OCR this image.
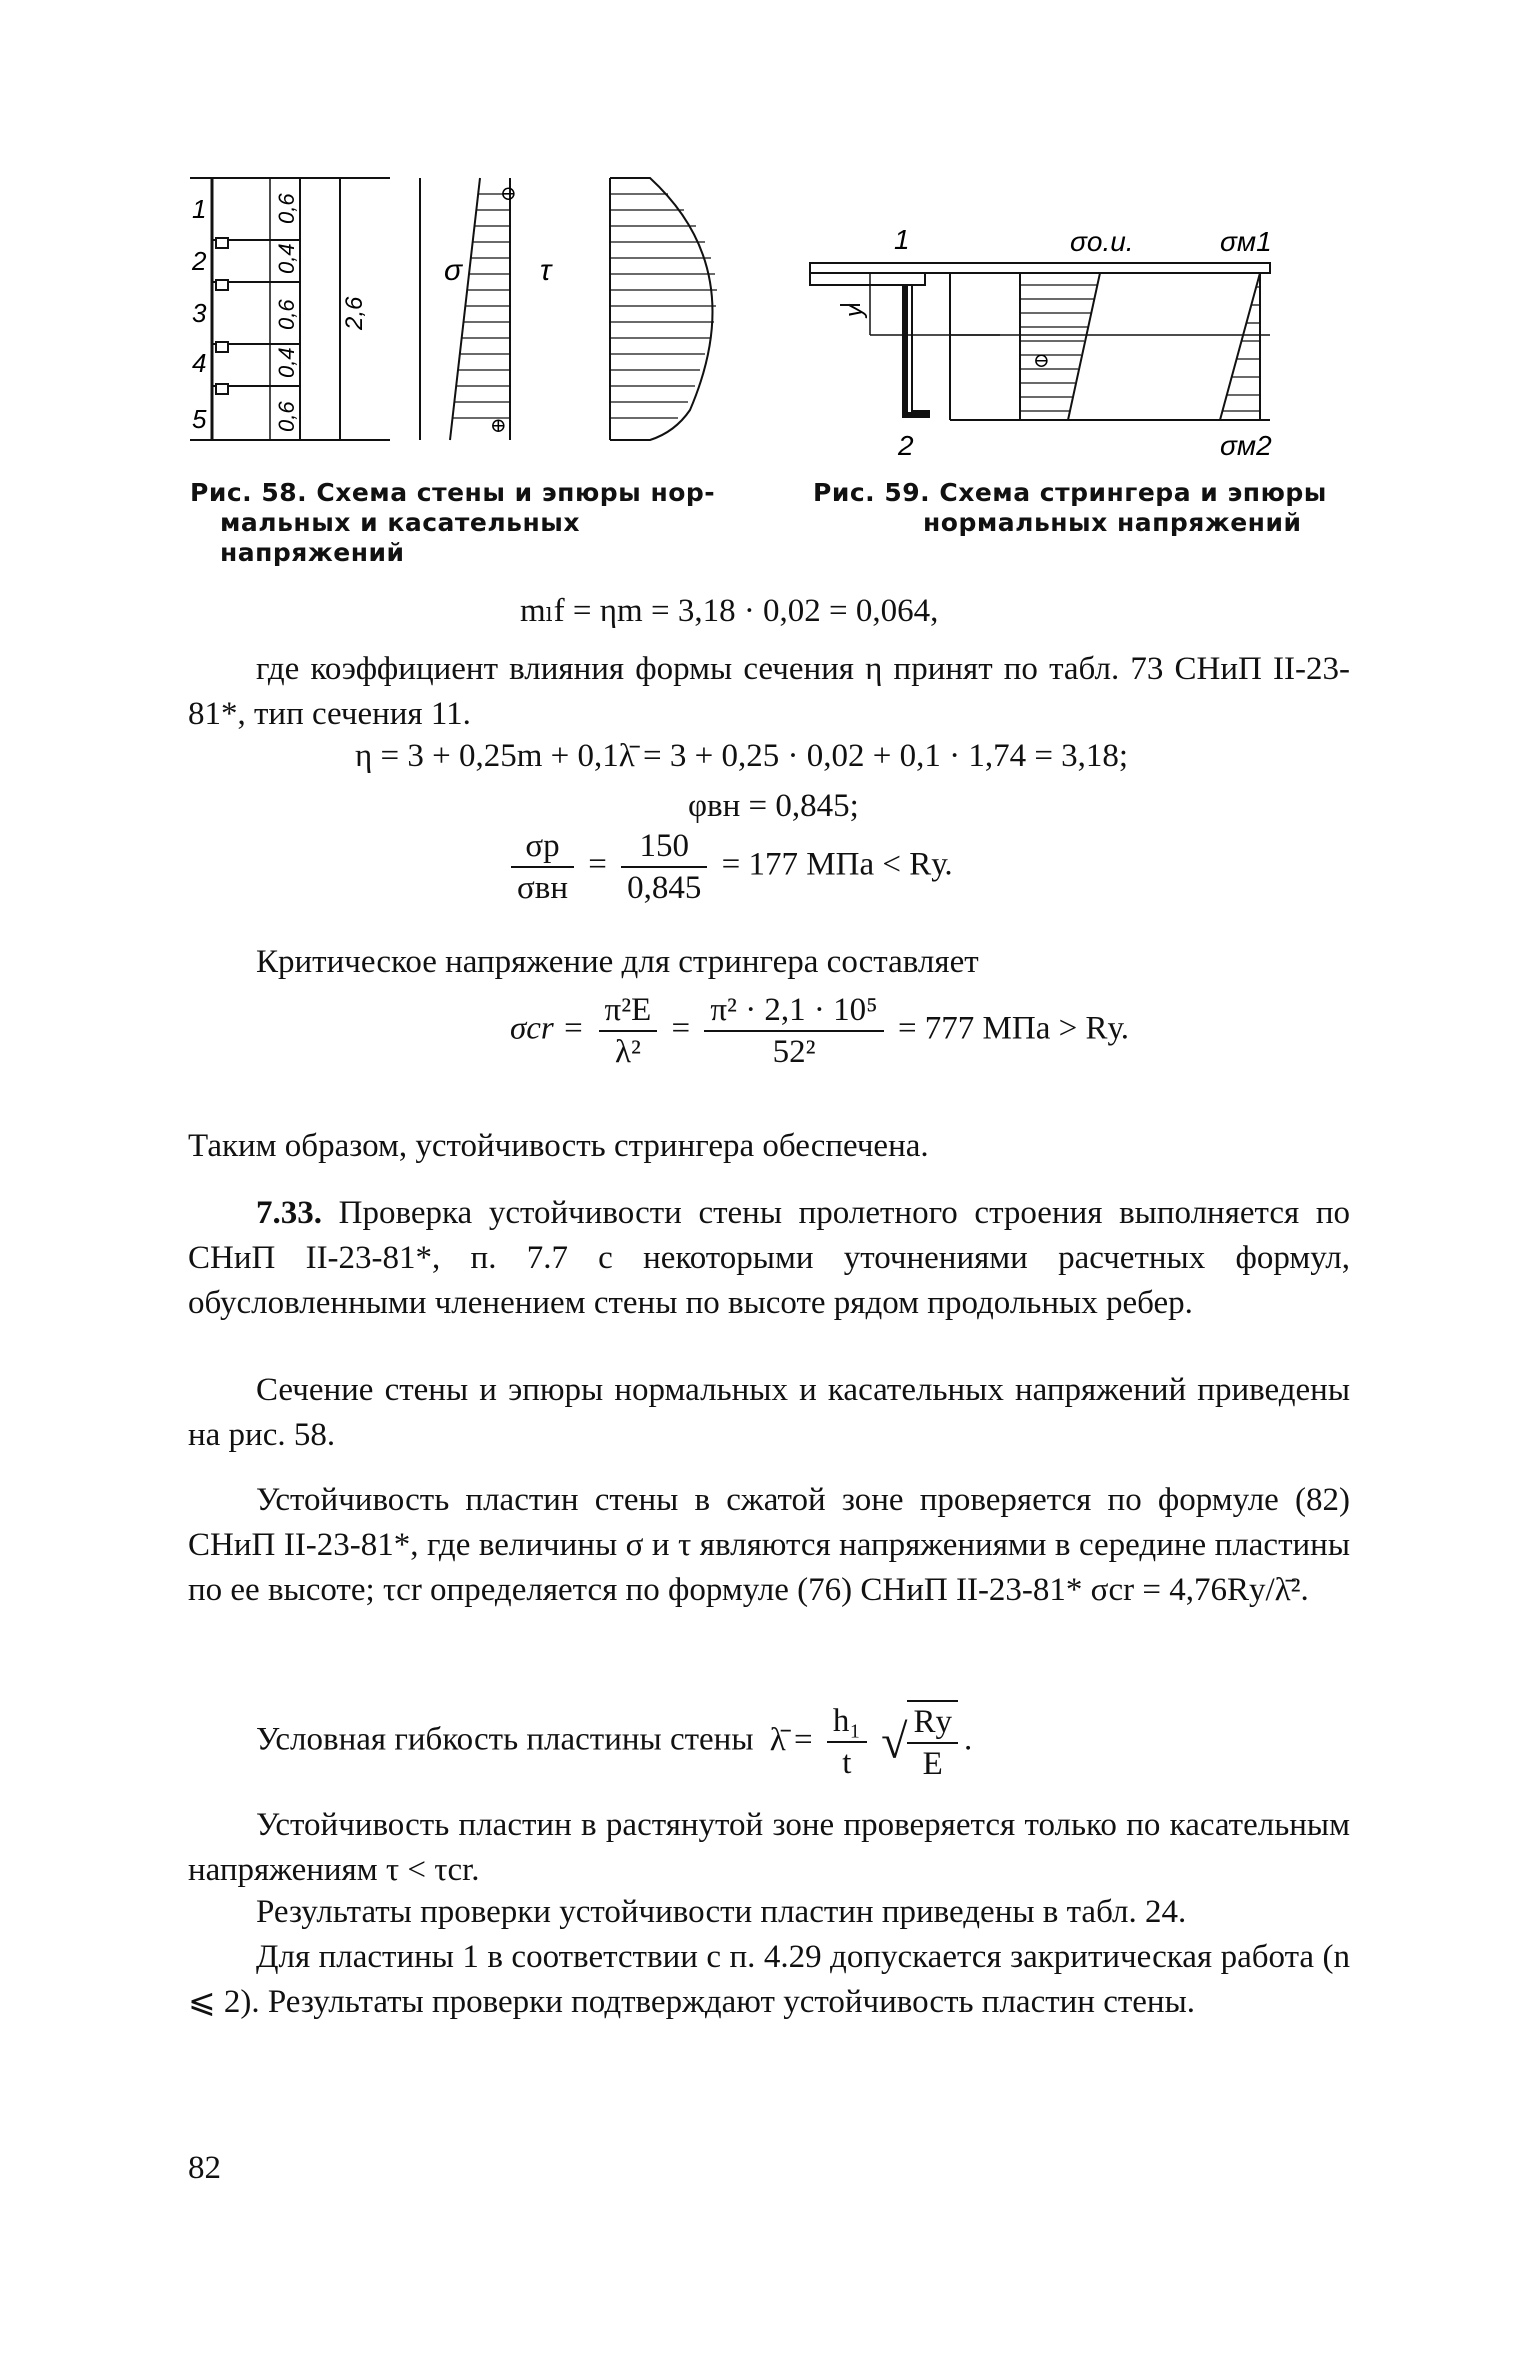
1
2
3
4
5
0,6
0,4
0,6
0,4
0,6
2,6
⊖
⊕
σ	τ
Рис. 58. Схема стены и эпюры нор-
мальных и касательных напряжений
1	σо.и.	σм1
y
⊖
2	σм2
Рис. 59. Схема стрингера и эпюры
нормальных напряжений
mₗf = ηm = 3,18 · 0,02 = 0,064,
где коэффициент влияния формы сечения η принят по табл. 73 СНиП II-23-81*, тип сечения 11.
η = 3 + 0,25m + 0,1λ̄ = 3 + 0,25 · 0,02 + 0,1 · 1,74 = 3,18;
φвн = 0,845;
$\frac{\sigma р}{\text{σвн}} = \frac{150}{0,845} = 177$ МПа < Rу.
Критическое напряжение для стрингера составляет
$\sigma cr = \frac{\text{π²E}}{\text{λ²}} = \frac{\text{π² · 2,1 · 10⁵}}{\text{52²}} = 777$ МПа > Rу.
Таким образом, устойчивость стрингера обеспечена.
7.33. Проверка устойчивости стены пролетного строения выполняется по СНиП II-23-81*, п. 7.7 с некоторыми уточнениями расчетных формул, обусловленными членением стены по высоте рядом продольных ребер.
Сечение стены и эпюры нормальных и касательных напряжений приведены на рис. 58.
Устойчивость пластин стены в сжатой зоне проверяется по формуле (82) СНиП II-23-81*, где величины σ и τ являются напряжениями в середине пластины по ее высоте; τcr определяется по формуле (76) СНиП II-23-81* σcr = 4,76Rу/λ̄².
Условная гибкость пластины стены λ̄ = $\frac{\text{h₁}}{t}$ √ $\frac{Rу}{E}$ .
Устойчивость пластин в растянутой зоне проверяется только по касательным напряжениям τ < τcr.
Результаты проверки устойчивости пластин приведены в табл. 24.
Для пластины 1 в соответствии с п. 4.29 допускается закритическая работа (n ⩽ 2). Результаты проверки подтверждают устойчивость пластин стены.
82
